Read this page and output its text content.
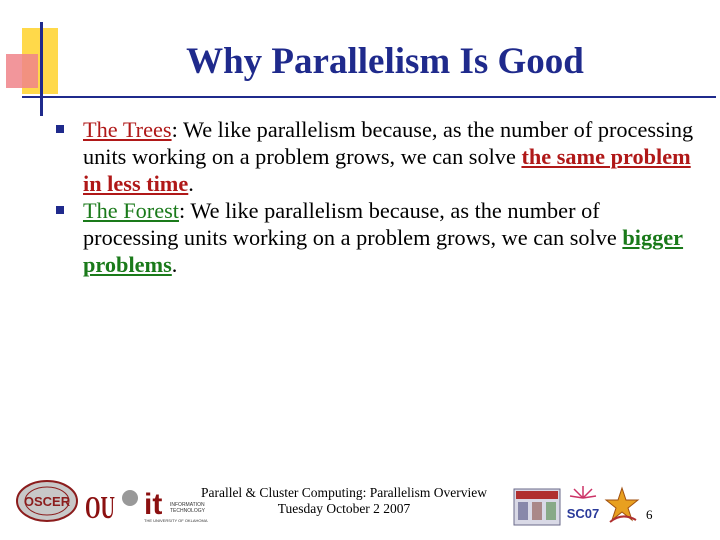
Why Parallelism Is Good
The Trees: We like parallelism because, as the number of processing units working on a problem grows, we can solve the same problem in less time.
The Forest: We like parallelism because, as the number of processing units working on a problem grows, we can solve bigger problems.
OSCER OU it INFORMATION
TECHNOLOGY
THE UNIVERSITY OF OKLAHOMA
Parallel & Cluster Computing: Parallelism Overview
Tuesday October 2 2007	SC07	6
